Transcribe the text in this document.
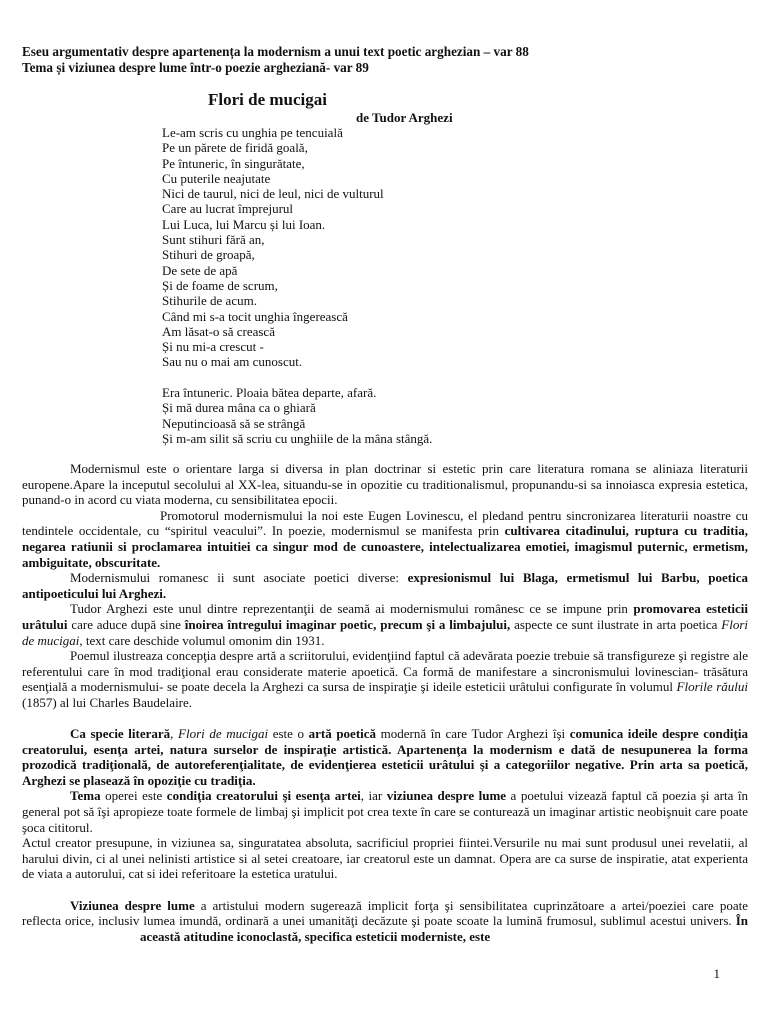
Eseu argumentativ despre apartenența la modernism a unui text poetic arghezian – var 88
Tema și viziunea despre lume într-o poezie argheziană- var 89
Flori de mucigai
de Tudor Arghezi
Le-am scris cu unghia pe tencuială
Pe un părete de firidă goală,
Pe întuneric, în singurătate,
Cu puterile neajutate
Nici de taurul, nici de leul, nici de vulturul
Care au lucrat împrejurul
Lui Luca, lui Marcu și lui Ioan.
Sunt stihuri fără an,
Stihuri de groapă,
De sete de apă
Și de foame de scrum,
Stihurile de acum.
Când mi s-a tocit unghia îngerească
Am lăsat-o să crească
Și nu mi-a crescut -
Sau nu o mai am cunoscut.
Era întuneric. Ploaia bătea departe, afară.
Și mă durea mâna ca o ghiară
Neputincioasă să se strângă
Și m-am silit să scriu cu unghiile de la mâna stângă.

Modernismul este o orientare larga si diversa in plan doctrinar si estetic prin care literatura romana se aliniaza literaturii europene.Apare la inceputul secolului al XX-lea, situandu-se in opozitie cu traditionalismul, propunandu-si sa innoiasca expresia estetica, punand-o in acord cu viata moderna, cu sensibilitatea epocii.

Promotorul modernismului la noi este Eugen Lovinescu, el pledand pentru sincronizarea literaturii noastre cu tendintele occidentale, cu “spiritul veacului”. In poezie, modernismul se manifesta prin cultivarea citadinului, ruptura cu traditia, negarea ratiunii si proclamarea intuitiei ca singur mod de cunoastere, intelectualizarea emotiei, imagismul puternic, ermetism, ambiguitate, obscuritate.

Modernismului romanesc ii sunt asociate poetici diverse: expresionismul lui Blaga, ermetismul lui Barbu, poetica antipoeticului lui Arghezi.

Tudor Arghezi este unul dintre reprezentanţii de seamă ai modernismului românesc ce se impune prin promovarea esteticii urâtului care aduce după sine înoirea întregului imaginar poetic, precum şi a limbajului, aspecte ce sunt ilustrate in arta poetica Flori de mucigai, text care deschide volumul omonim din 1931.

Poemul ilustreaza concepţia despre artă a scriitorului, evidenţiind faptul că adevărata poezie trebuie să transfigureze şi registre ale referentului care în mod tradiţional erau considerate materie apoetică. Ca formă de manifestare a sincronismului lovinescian- trăsătura esenţială a modernismului- se poate decela la Arghezi ca sursa de inspiraţie şi ideile esteticii urâtului configurate în volumul Florile răului (1857) al lui Charles Baudelaire.

Ca specie literară, Flori de mucigai este o artă poetică modernă în care Tudor Arghezi îşi comunica ideile despre condiţia creatorului, esenţa artei, natura surselor de inspiraţie artistică. Apartenenţa la modernism e dată de nesupunerea la forma prozodică tradiţională, de autoreferenţialitate, de evidenţierea esteticii urâtului şi a categoriilor negative. Prin arta sa poetică, Arghezi se plasează în opoziţie cu tradiţia.

Tema operei este condiţia creatorului şi esenţa artei, iar viziunea despre lume a poetului vizează faptul că poezia şi arta în general pot să îşi apropieze toate formele de limbaj şi implicit pot crea texte în care se conturează un imaginar artistic neobişnuit care poate şoca cititorul.

Actul creator presupune, in viziunea sa, singuratatea absoluta, sacrificiul propriei fiintei.Versurile nu mai sunt produsul unei revelatii, al harului divin, ci al unei nelinisti artistice si al setei creatoare, iar creatorul este un damnat. Opera are ca surse de inspiratie, atat experienta de viata a autorului, cat si idei referitoare la estetica uratului.

Viziunea despre lume a artistului modern sugerează implicit forţa şi sensibilitatea cuprinzătoare a artei/poeziei care poate reflecta orice, inclusiv lumea imundă, ordinară a unei umanităţi decăzute şi poate scoate la lumină frumosul, sublimul acestui univers. Înaceastǎ atitudine iconoclastǎ, specifica esteticii moderniste, este

1
